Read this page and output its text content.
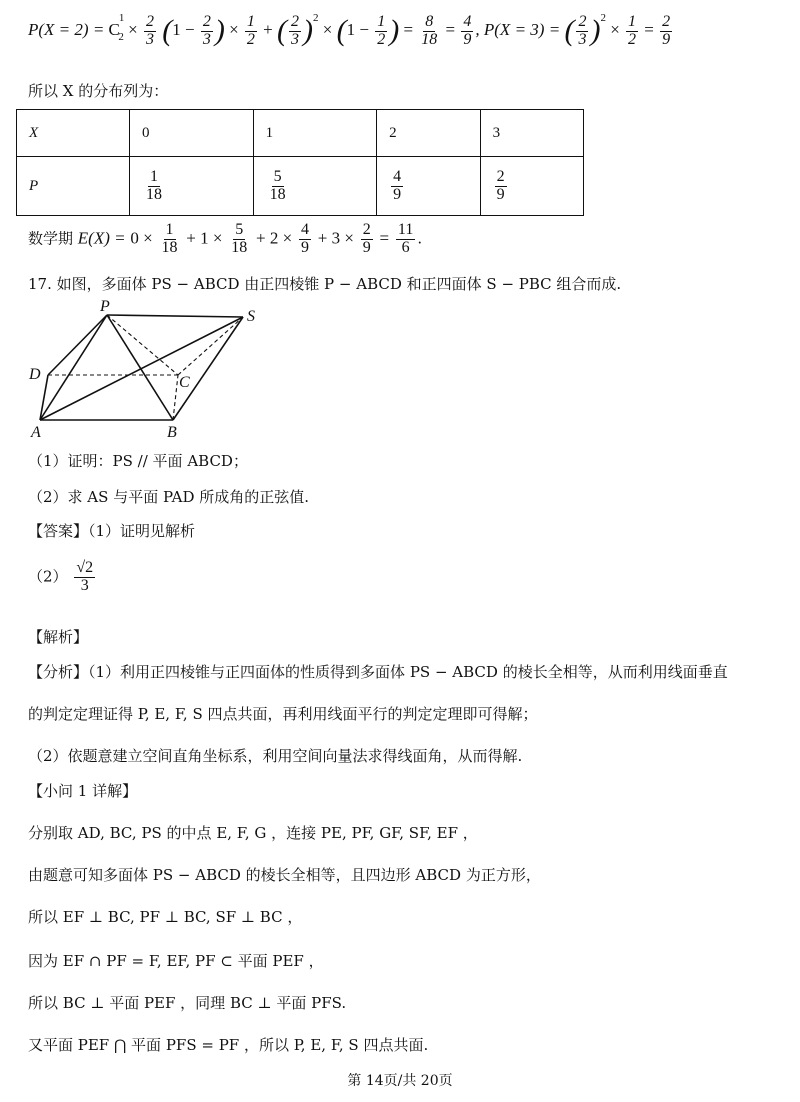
$P(X = 2) = C^1_2 \times \frac{2}{3} (1 - \frac{2}{3}$ ) × $\frac{1}{2}$ + ( $\frac{2}{3} )^2 \times (1 - \frac{1}{2}$ ) = $\frac{8}{18} = \frac{4}{9}$ , P(X = 3) = ( $\frac{2}{3} )^2 \times \frac{1}{2} = \frac{2}{9}$
所以 X 的分布列为：
X	0	1	2	3
P	$\frac{1}{18}$	$\frac{5}{18}$	$\frac{4}{9}$	$\frac{2}{9}$
数学期 $E(X) = 0 \times \frac{1}{18} + 1 \times \frac{5}{18} + 2 \times \frac{4}{9} + 3 \times \frac{2}{9} = \frac{11}{6}$ .
17. 如图，多面体 PS − ABCD 由正四棱锥 P − ABCD 和正四面体 S − PBC 组合而成.
P
S
D	C
A	B
（1）证明：PS // 平面 ABCD；
（2）求 AS 与平面 PAD 所成角的正弦值.
【答案】（1）证明见解析
$(2) \frac{√2}{3}$
【解析】
【分析】（1）利用正四棱锥与正四面体的性质得到多面体 PS − ABCD 的棱长全相等，从而利用线面垂直
的判定定理证得 P, E, F, S 四点共面，再利用线面平行的判定定理即可得解；
（2）依题意建立空间直角坐标系，利用空间向量法求得线面角，从而得解.
【小问 1 详解】
分别取 AD, BC, PS 的中点 E, F, G ，连接 PE, PF, GF, SF, EF ，
由题意可知多面体 PS − ABCD 的棱长全相等，且四边形 ABCD 为正方形，
所以 EF ⊥ BC, PF ⊥ BC, SF ⊥ BC ，
因为 EF ∩ PF = F, EF, PF ⊂ 平面 PEF ，
所以 BC ⊥ 平面 PEF ，同理 BC ⊥ 平面 PFS.
又平面 PEF ⋂ 平面 PFS = PF ，所以 P, E, F, S 四点共面.
第 14页/共 20页
